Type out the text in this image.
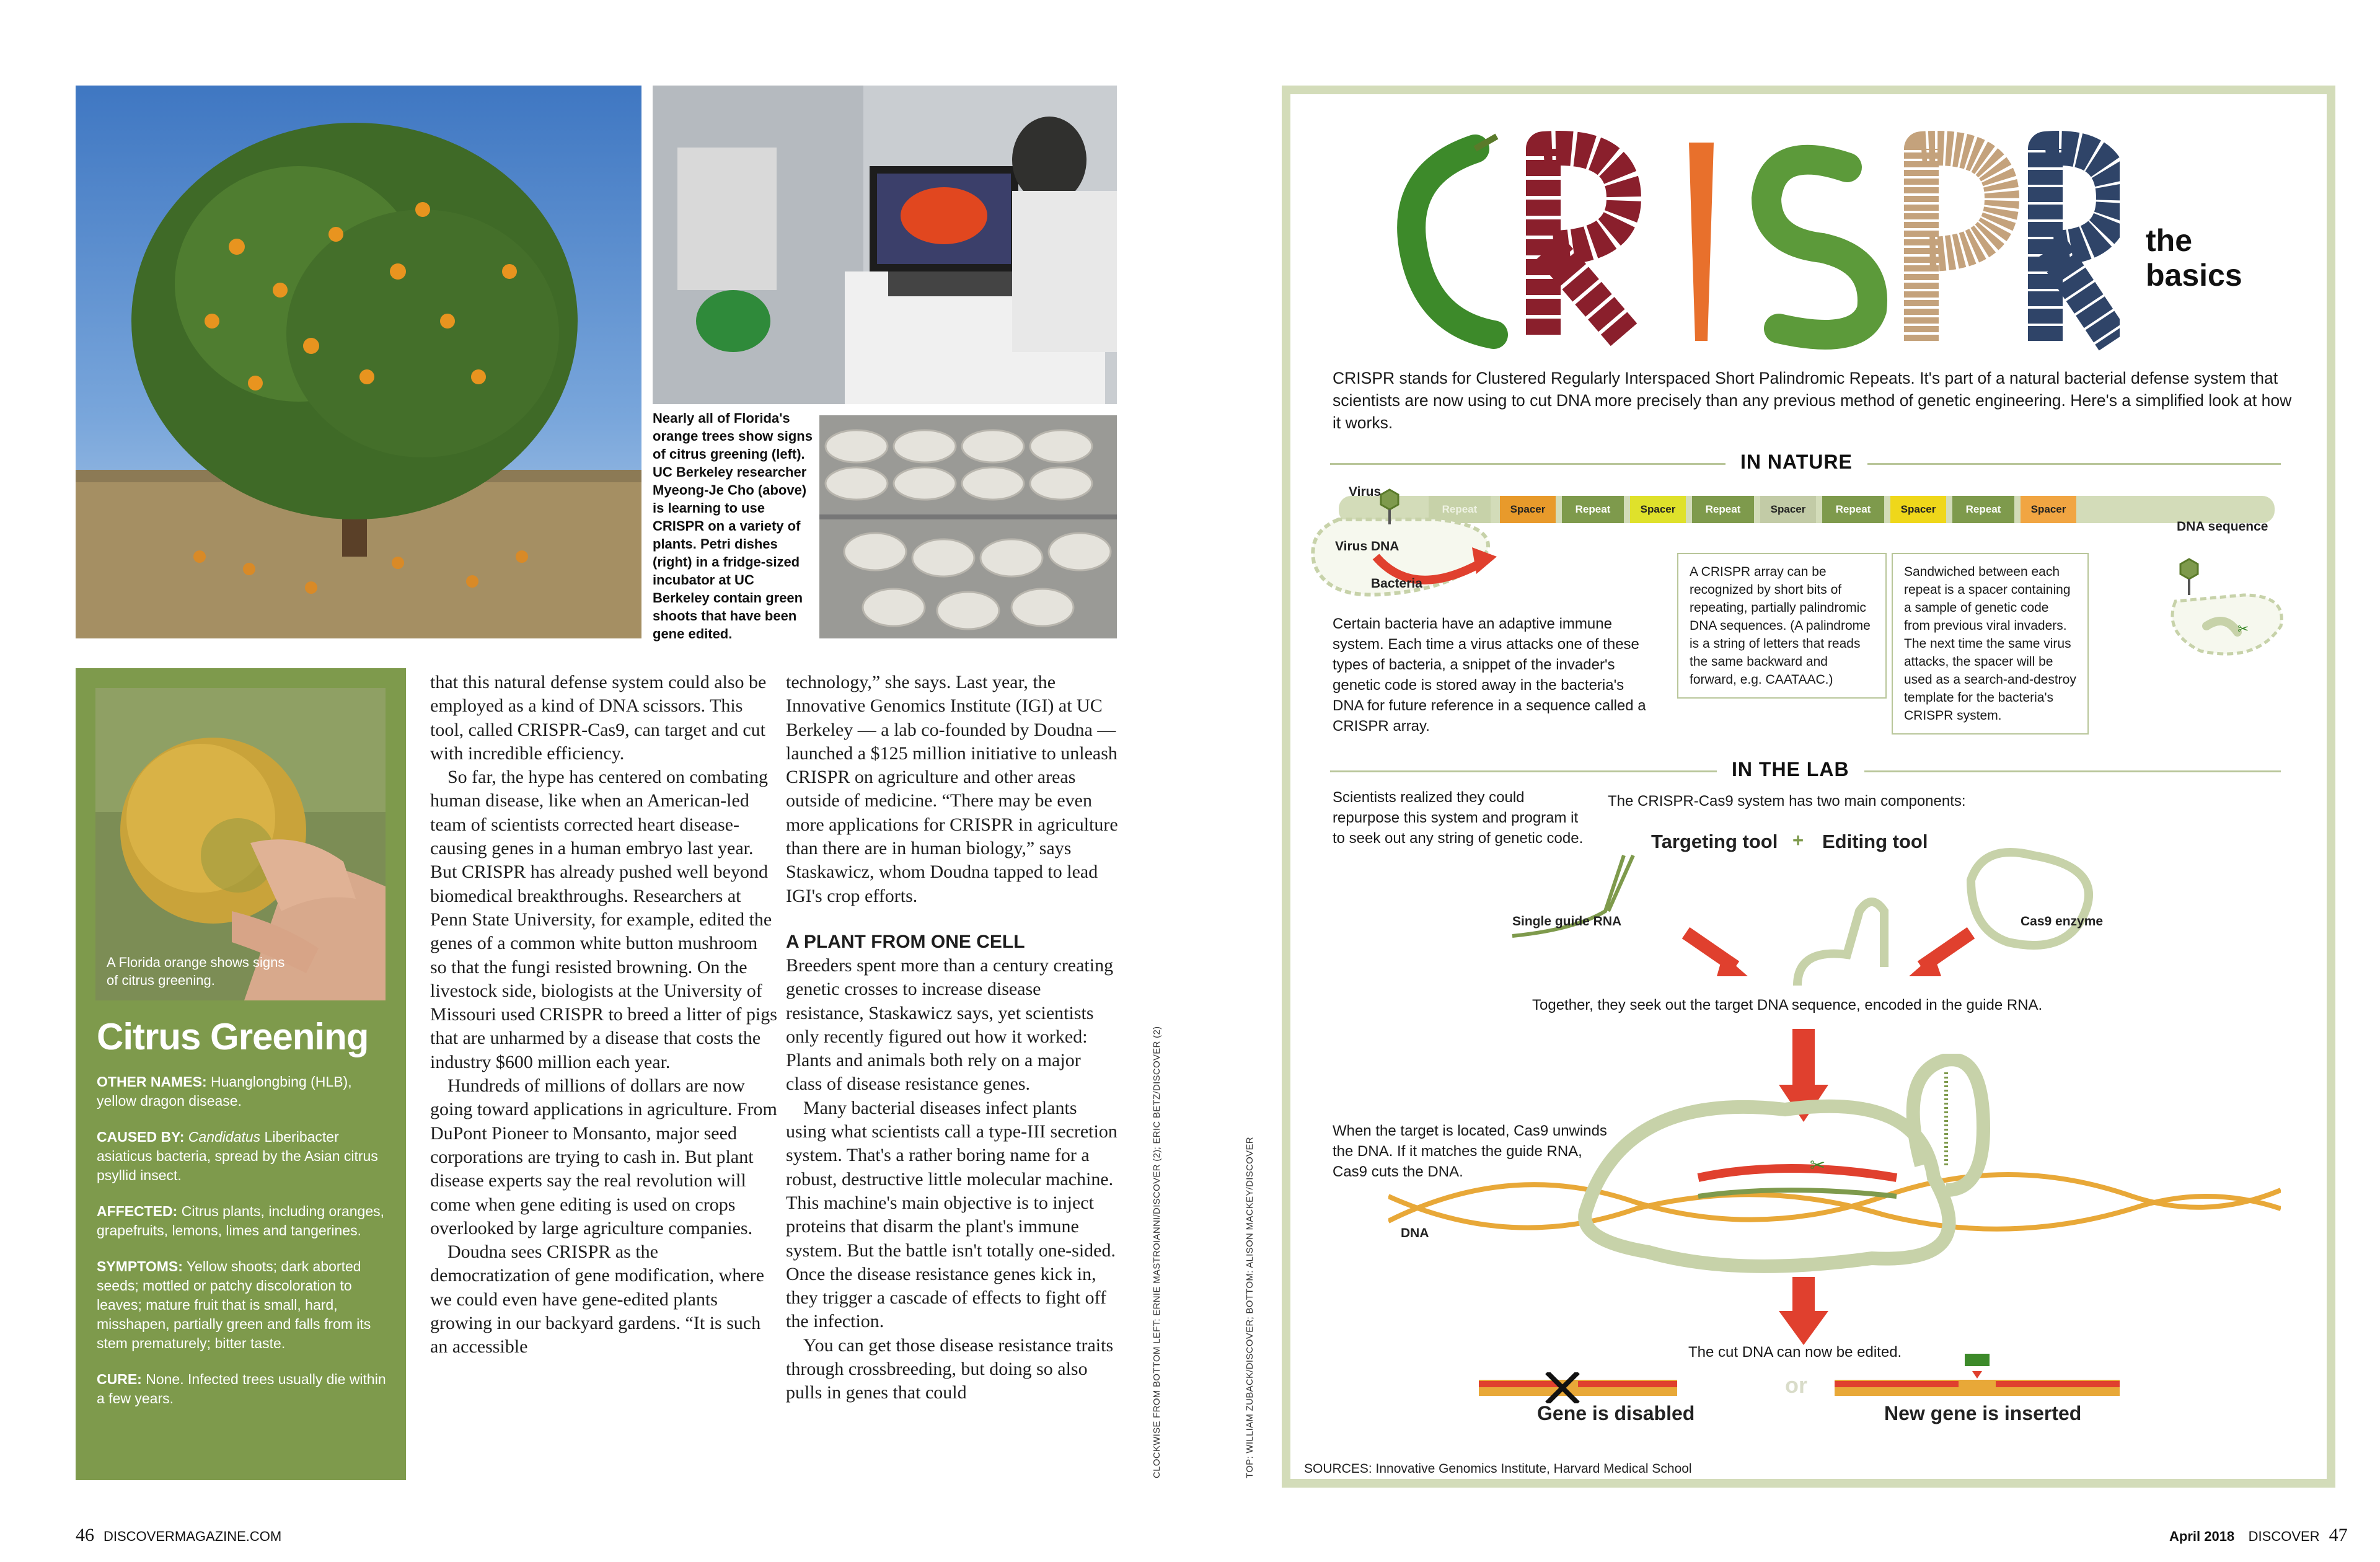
Nearly all of Florida's orange trees show signs of citrus greening (left). UC Berkeley researcher Myeong-Je Cho (above) is learning to use CRISPR on a variety of plants. Petri dishes (right) in a fridge-sized incubator at UC Berkeley contain green shoots that have been gene edited.
A Florida orange shows signs of citrus greening.
Citrus Greening
OTHER NAMES: Huanglongbing (HLB), yellow dragon disease.
CAUSED BY: Candidatus Liberibacter asiaticus bacteria, spread by the Asian citrus psyllid insect.
AFFECTED: Citrus plants, including oranges, grapefruits, lemons, limes and tangerines.
SYMPTOMS: Yellow shoots; dark aborted seeds; mottled or patchy discoloration to leaves; mature fruit that is small, hard, misshapen, partially green and falls from its stem prematurely; bitter taste.
CURE: None. Infected trees usually die within a few years.

that this natural defense system could also be employed as a kind of DNA scissors. This tool, called CRISPR-Cas9, can target and cut with incredible efficiency.

So far, the hype has centered on combating human disease, like when an American-led team of scientists corrected heart disease-causing genes in a human embryo last year. But CRISPR has already pushed well beyond biomedical breakthroughs. Researchers at Penn State University, for example, edited the genes of a common white button mushroom so that the fungi resisted browning. On the livestock side, biologists at the University of Missouri used CRISPR to breed a litter of pigs that are unharmed by a disease that costs the industry $600 million each year.

Hundreds of millions of dollars are now going toward applications in agriculture. From DuPont Pioneer to Monsanto, major seed corporations are trying to cash in. But plant disease experts say the real revolution will come when gene editing is used on crops overlooked by large agriculture companies.

Doudna sees CRISPR as the democratization of gene modification, where we could even have gene-edited plants growing in our backyard gardens. “It is such an accessible

technology,” she says. Last year, the Innovative Genomics Institute (IGI) at UC Berkeley — a lab co-founded by Doudna — launched a $125 million initiative to unleash CRISPR on agriculture and other areas outside of medicine. “There may be even more applications for CRISPR in agriculture than there are in human biology,” says Staskawicz, whom Doudna tapped to lead IGI's crop efforts.

A PLANT FROM ONE CELL

Breeders spent more than a century creating genetic crosses to increase disease resistance, Staskawicz says, yet scientists only recently figured out how it worked: Plants and animals both rely on a major class of disease resistance genes.

Many bacterial diseases infect plants using what scientists call a type-III secretion system. That's a rather boring name for a robust, destructive little molecular machine. This machine's main objective is to inject proteins that disarm the plant's immune system. But the battle isn't totally one-sided. Once the disease resistance genes kick in, they trigger a cascade of effects to fight off the infection.

You can get those disease resistance traits through crossbreeding, but doing so also pulls in genes that could	CLOCKWISE FROM BOTTOM LEFT: ERNIE MASTROIANNI/DISCOVER (2); ERIC BETZ/DISCOVER (2)	TOP: WILLIAM ZUBACK/DISCOVER; BOTTOM: ALISON MACKEY/DISCOVER
46 DISCOVERMAGAZINE.COM
the
basics
CRISPR stands for Clustered Regularly Interspaced Short Palindromic Repeats. It's part of a natural bacterial defense system that scientists are now using to cut DNA more precisely than any previous method of genetic engineering. Here's a simplified look at how it works.
IN NATURE
Repeat	Spacer	Repeat	Spacer	Repeat	Spacer	Repeat	Spacer	Repeat	Spacer
Virus
Virus DNA
Bacteria
DNA sequence
✂
Certain bacteria have an adaptive immune system. Each time a virus attacks one of these types of bacteria, a snippet of the invader's genetic code is stored away in the bacteria's DNA for future reference in a sequence called a CRISPR array.
A CRISPR array can be recognized by short bits of repeating, partially palindromic DNA sequences. (A palindrome is a string of letters that reads the same backward and forward, e.g. CAATAAC.)
Sandwiched between each repeat is a spacer containing a sample of genetic code from previous viral invaders. The next time the same virus attacks, the spacer will be used as a search-and-destroy template for the bacteria's CRISPR system.
IN THE LAB
Scientists realized they could repurpose this system and program it to seek out any string of genetic code.
The CRISPR-Cas9 system has two main components:
Targeting tool + Editing tool
Single guide RNA	Cas9 enzyme
Together, they seek out the target DNA sequence, encoded in the guide RNA.
When the target is located, Cas9 unwinds the DNA. If it matches the guide RNA, Cas9 cuts the DNA.	✂
DNA
The cut DNA can now be edited.
or
Gene is disabled	New gene is inserted
SOURCES: Innovative Genomics Institute, Harvard Medical School
April 2018 DISCOVER 47
